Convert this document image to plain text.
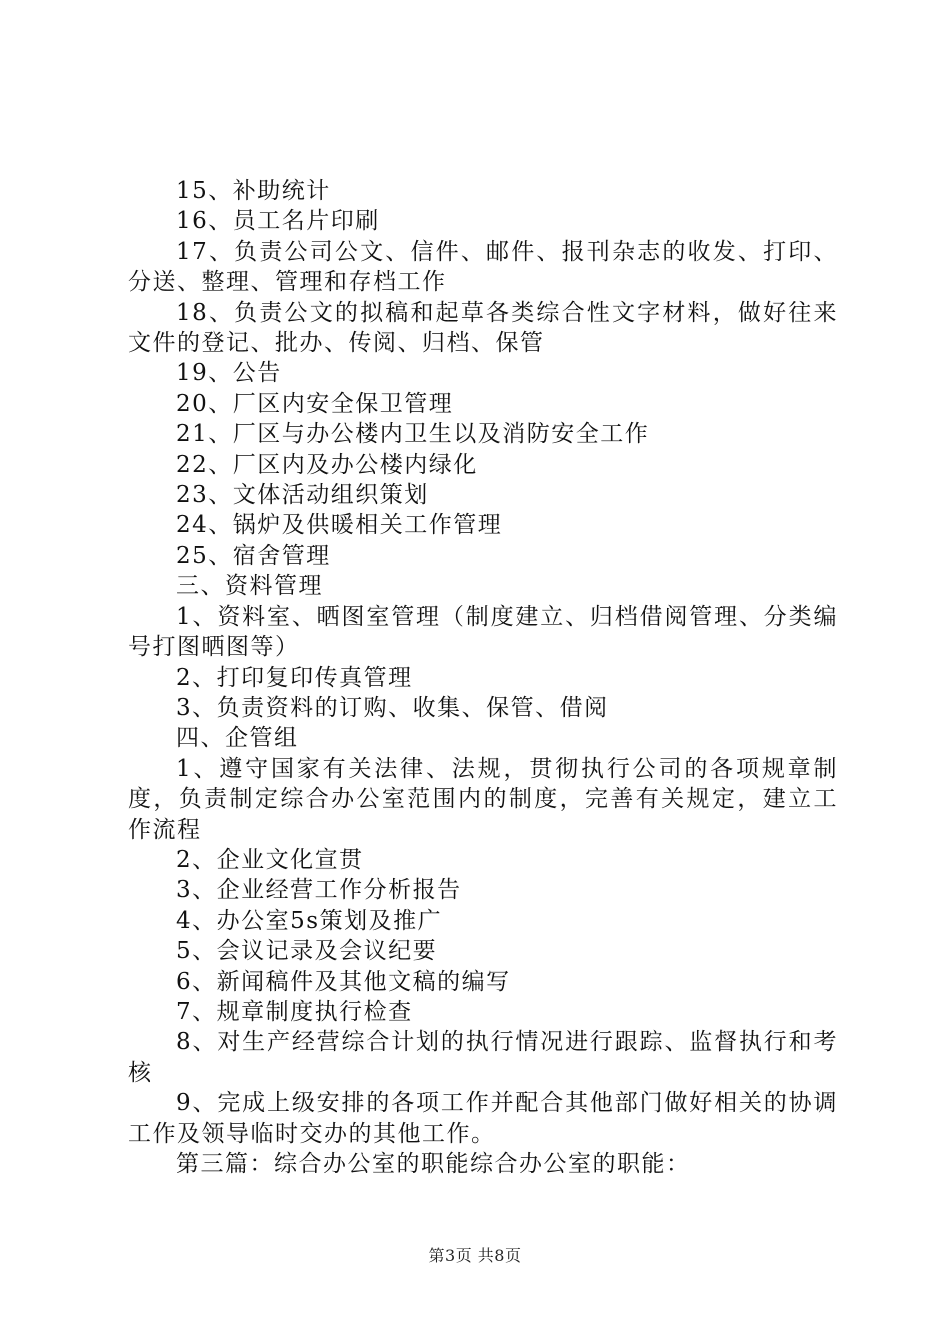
15、补助统计

16、员工名片印刷

17、负责公司公文、信件、邮件、报刊杂志的收发、打印、分送、整理、管理和存档工作

18、负责公文的拟稿和起草各类综合性文字材料，做好往来文件的登记、批办、传阅、归档、保管

19、公告

20、厂区内安全保卫管理

21、厂区与办公楼内卫生以及消防安全工作

22、厂区内及办公楼内绿化

23、文体活动组织策划

24、锅炉及供暖相关工作管理

25、宿舍管理

三、资料管理

1、资料室、晒图室管理（制度建立、归档借阅管理、分类编号打图晒图等）

2、打印复印传真管理

3、负责资料的订购、收集、保管、借阅

四、企管组

1、遵守国家有关法律、法规，贯彻执行公司的各项规章制度，负责制定综合办公室范围内的制度，完善有关规定，建立工作流程

2、企业文化宣贯

3、企业经营工作分析报告

4、办公室5s策划及推广

5、会议记录及会议纪要

6、新闻稿件及其他文稿的编写

7、规章制度执行检查

8、对生产经营综合计划的执行情况进行跟踪、监督执行和考核

9、完成上级安排的各项工作并配合其他部门做好相关的协调工作及领导临时交办的其他工作。

第三篇：综合办公室的职能综合办公室的职能：

第3页 共8页
